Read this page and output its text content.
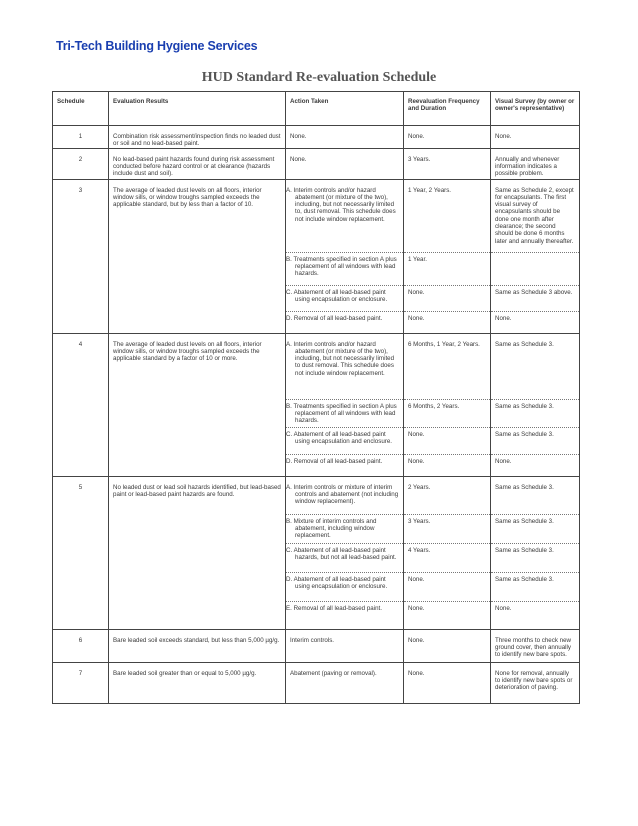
Tri-Tech Building Hygiene Services
HUD Standard Re-evaluation Schedule
Schedule	Evaluation Results	Action Taken	Reevaluation Frequency and Duration	Visual Survey (by owner or owner's representative)
1	Combination risk assessment/inspection finds no leaded dust or soil and no lead-based paint.	None.	None.	None.
2	No lead-based paint hazards found during risk assessment conducted before hazard control or at clearance (hazards include dust and soil).	None.	3 Years.	Annually and whenever information indicates a possible problem.
3	The average of leaded dust levels on all floors, interior window sills, or window troughs sampled exceeds the applicable standard, but by less than a factor of 10.	A. Interim controls and/or hazard abatement (or mixture of the two), including, but not necessarily limited to, dust removal. This schedule does not include window replacement.	1 Year, 2 Years.	Same as Schedule 2, except for encapsulants. The first visual survey of encapsulants should be done one month after clearance; the second should be done 6 months later and annually thereafter.
		B. Treatments specified in section A plus replacement of all windows with lead hazards.	1 Year.	
		C. Abatement of all lead-based paint using encapsulation or enclosure.	None.	Same as Schedule 3 above.
		D. Removal of all lead-based paint.	None.	None.
4	The average of leaded dust levels on all floors, interior window sills, or window troughs sampled exceeds the applicable standard by a factor of 10 or more.	A. Interim controls and/or hazard abatement (or mixture of the two), including, but not necessarily limited to dust removal. This schedule does not include window replacement.	6 Months, 1 Year, 2 Years.	Same as Schedule 3.
		B. Treatments specified in section A plus replacement of all windows with lead hazards.	6 Months, 2 Years.	Same as Schedule 3.
		C. Abatement of all lead-based paint using encapsulation and enclosure.	None.	Same as Schedule 3.
		D. Removal of all lead-based paint.	None.	None.
5	No leaded dust or lead soil hazards identified, but lead-based paint or lead-based paint hazards are found.	A. Interim controls or mixture of interim controls and abatement (not including window replacement).	2 Years.	Same as Schedule 3.
		B. Mixture of interim controls and abatement, including window replacement.	3 Years.	Same as Schedule 3.
		C. Abatement of all lead-based paint hazards, but not all lead-based paint.	4 Years.	Same as Schedule 3.
		D. Abatement of all lead-based paint using encapsulation or enclosure.	None.	Same as Schedule 3.
		E. Removal of all lead-based paint.	None.	None.
6	Bare leaded soil exceeds standard, but less than 5,000 µg/g.	Interim controls.	None.	Three months to check new ground cover, then annually to identify new bare spots.
7	Bare leaded soil greater than or equal to 5,000 µg/g.	Abatement (paving or removal).	None.	None for removal, annually to identify new bare spots or deterioration of paving.
